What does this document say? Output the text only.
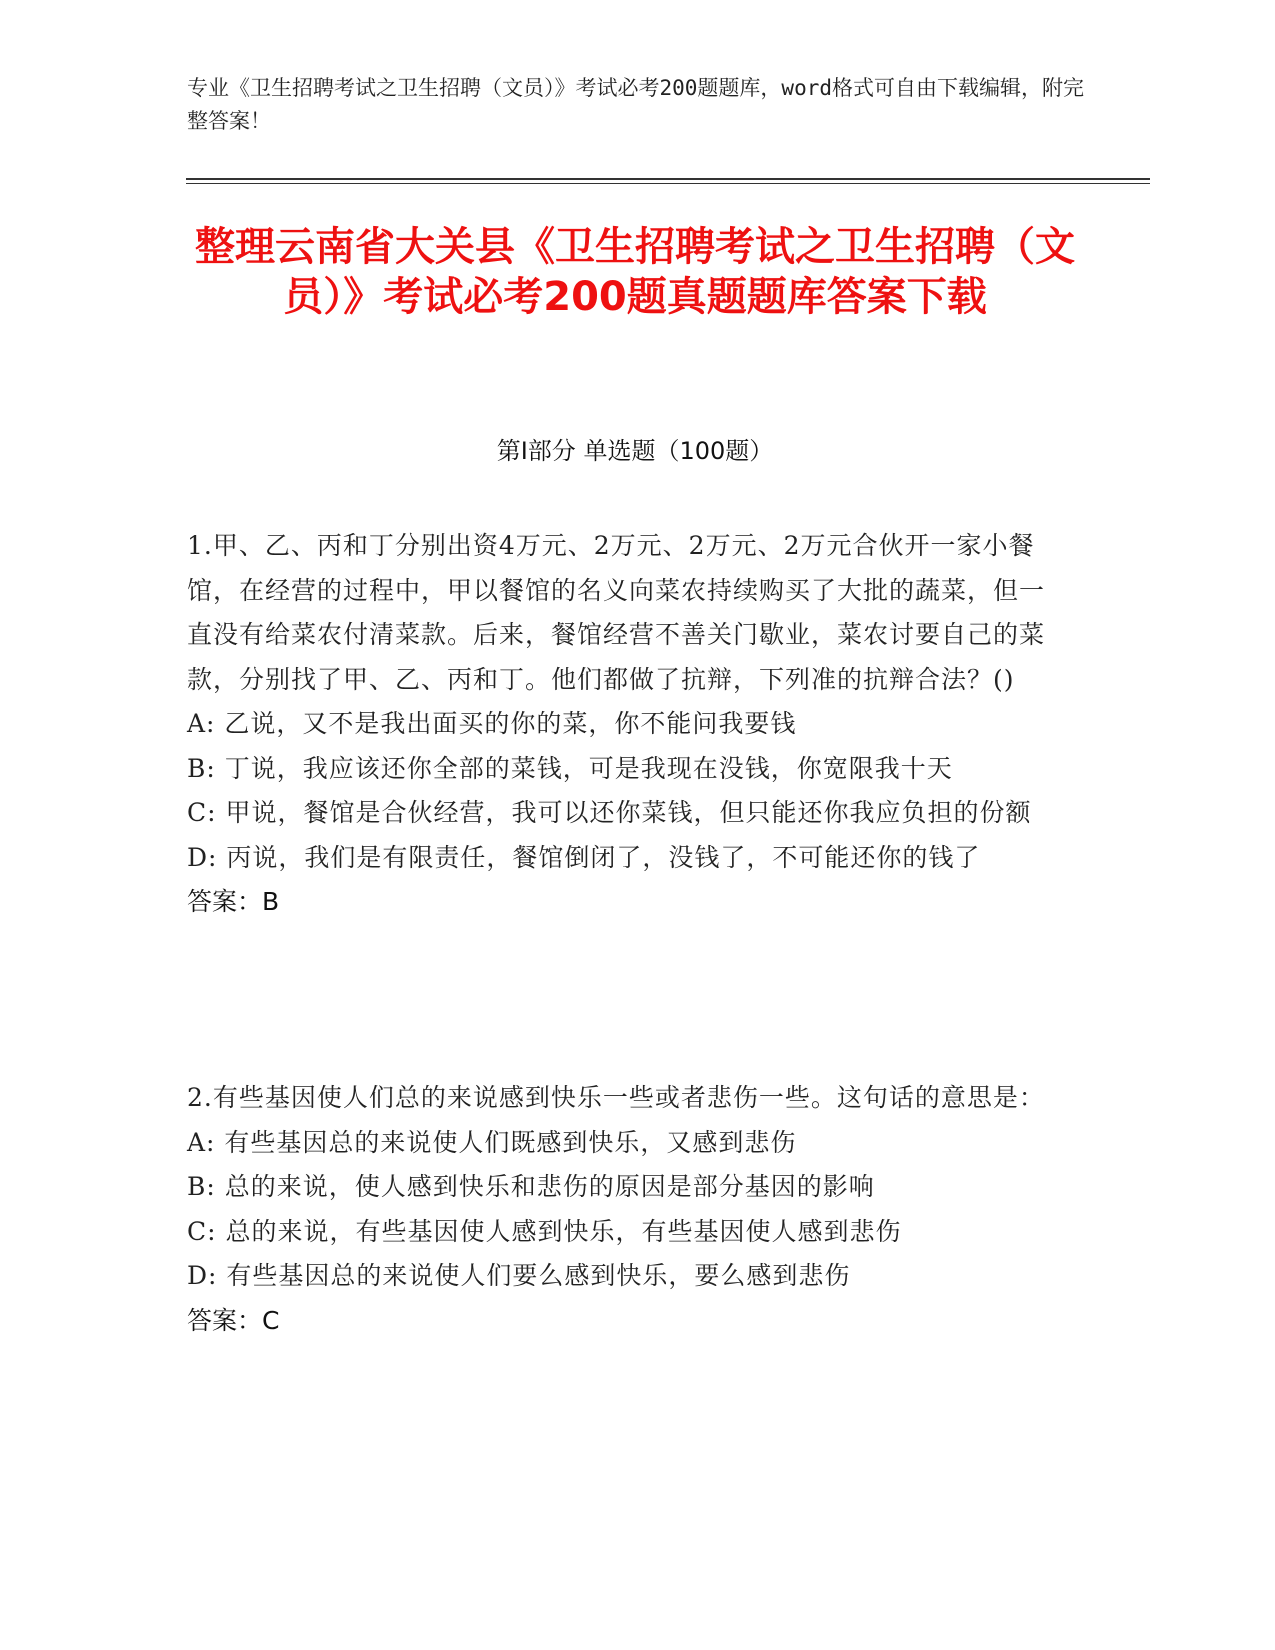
专业《卫生招聘考试之卫生招聘（文员）》考试必考200题题库，word格式可自由下载编辑，附完整答案！
整理云南省大关县《卫生招聘考试之卫生招聘（文员）》考试必考200题真题题库答案下载
第I部分 单选题（100题）
1.甲、乙、丙和丁分别出资4万元、2万元、2万元、2万元合伙开一家小餐馆，在经营的过程中，甲以餐馆的名义向菜农持续购买了大批的蔬菜，但一直没有给菜农付清菜款。后来，餐馆经营不善关门歇业，菜农讨要自己的菜款，分别找了甲、乙、丙和丁。他们都做了抗辩，下列准的抗辩合法？()
A: 乙说，又不是我出面买的你的菜，你不能问我要钱
B: 丁说，我应该还你全部的菜钱，可是我现在没钱，你宽限我十天
C: 甲说，餐馆是合伙经营，我可以还你菜钱，但只能还你我应负担的份额
D: 丙说，我们是有限责任，餐馆倒闭了，没钱了，不可能还你的钱了
答案：B
2.有些基因使人们总的来说感到快乐一些或者悲伤一些。这句话的意思是：
A: 有些基因总的来说使人们既感到快乐，又感到悲伤
B: 总的来说，使人感到快乐和悲伤的原因是部分基因的影响
C: 总的来说，有些基因使人感到快乐，有些基因使人感到悲伤
D: 有些基因总的来说使人们要么感到快乐，要么感到悲伤
答案：C
